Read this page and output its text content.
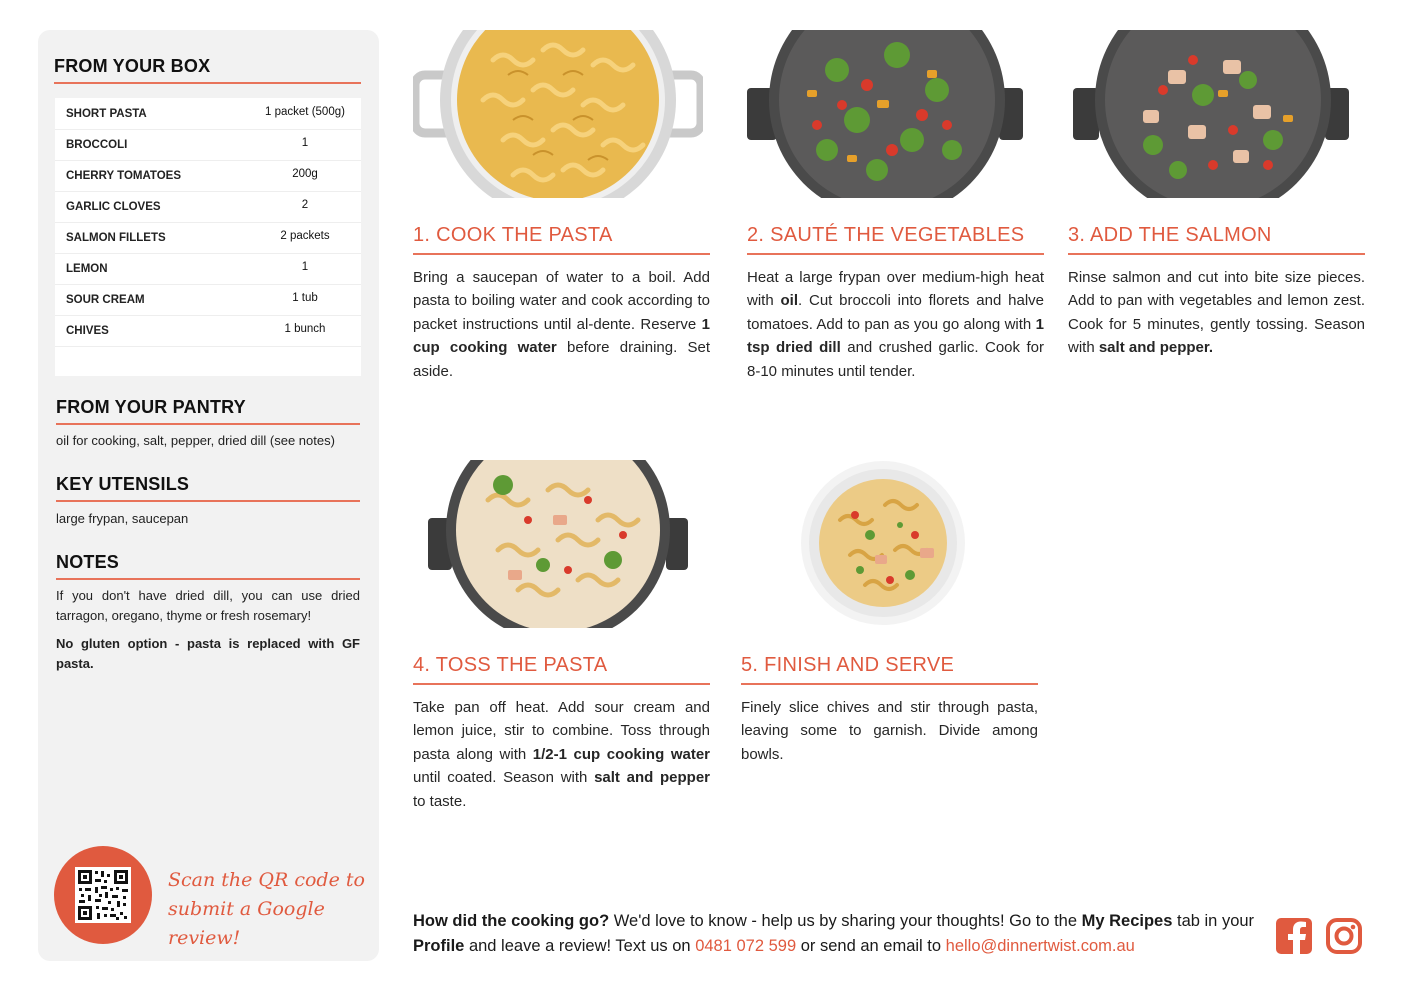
FROM YOUR BOX
SHORT PASTA	1 packet (500g)
BROCCOLI	1
CHERRY TOMATOES	200g
GARLIC CLOVES	2
SALMON FILLETS	2 packets
LEMON	1
SOUR CREAM	1 tub
CHIVES	1 bunch
FROM YOUR PANTRY
oil for cooking, salt, pepper, dried dill (see notes)
KEY UTENSILS
large frypan, saucepan
NOTES
If you don't have dried dill, you can use dried tarragon, oregano, thyme or fresh rosemary!
No gluten option - pasta is replaced with GF pasta.
Scan the QR code to
submit a Google review!
1. COOK THE PASTA
Bring a saucepan of water to a boil. Add pasta to boiling water and cook according to packet instructions until al-dente. Reserve 1 cup cooking water before draining. Set aside.
2. SAUTÉ THE VEGETABLES
Heat a large frypan over medium-high heat with oil. Cut broccoli into florets and halve tomatoes. Add to pan as you go along with 1 tsp dried dill and crushed garlic. Cook for 8-10 minutes until tender.
3. ADD THE SALMON
Rinse salmon and cut into bite size pieces. Add to pan with vegetables and lemon zest. Cook for 5 minutes, gently tossing. Season with salt and pepper.
4. TOSS THE PASTA
Take pan off heat. Add sour cream and lemon juice, stir to combine. Toss through pasta along with 1/2-1 cup cooking water until coated. Season with salt and pepper to taste.
5. FINISH AND SERVE
Finely slice chives and stir through pasta, leaving some to garnish. Divide among bowls.
How did the cooking go? We'd love to know - help us by sharing your thoughts! Go to the My Recipes tab in your Profile and leave a review! Text us on 0481 072 599 or send an email to hello@dinnertwist.com.au
